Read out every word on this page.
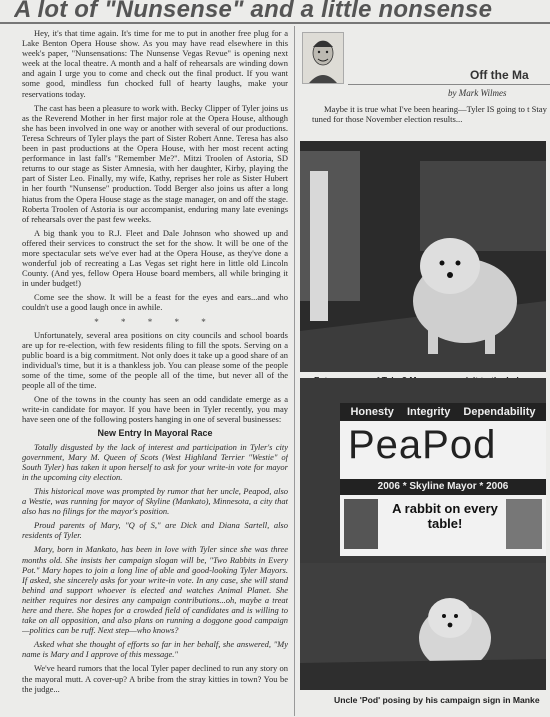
A lot of "Nunsense" and a little nonsense

Hey, it's that time again. It's time for me to put in another free plug for a Lake Benton Opera House show. As you may have read elsewhere in this week's paper, "Nunsensations: The Nunsense Vegas Revue" is opening next week at the local theatre. A month and a half of rehearsals are winding down and again I urge you to come and check out the final product. If you want some good, mindless fun chocked full of hearty laughs, make your reservations today.

The cast has been a pleasure to work with. Becky Clipper of Tyler joins us as the Reverend Mother in her first major role at the Opera House, although she has been involved in one way or another with several of our productions. Teresa Schreurs of Tyler plays the part of Sister Robert Anne. Teresa has also been in past productions at the Opera House, with her most recent acting performance in last fall's "Remember Me?". Mitzi Troolen of Astoria, SD returns to our stage as Sister Amnesia, with her daughter, Kirby, playing the part of Sister Leo. Finally, my wife, Kathy, reprises her role as Sister Hubert in her fourth "Nunsense" production. Todd Berger also joins us after a long hiatus from the Opera House stage as the stage manager, on and off the stage. Roberta Troolen of Astoria is our accompanist, enduring many late evenings of rehearsals over the past few weeks.

A big thank you to R.J. Fleet and Dale Johnson who showed up and offered their services to construct the set for the show. It will be one of the more spectacular sets we've ever had at the Opera House, as they've done a wonderful job of recreating a Las Vegas set right here in little old Lincoln County. (And yes, fellow Opera House board members, all while bringing it in under budget!)

Come see the show. It will be a feast for the eyes and ears...and who couldn't use a good laugh once in awhile.

* * * * *

Unfortunately, several area positions on city councils and school boards are up for re-election, with few residents filing to fill the spots. Serving on a public board is a big commitment. Not only does it take up a good share of an individual's time, but it is a thankless job. You can please some of the people some of the time, some of the people all of the time, but never all of the people all of the time.

One of the towns in the county has seen an odd candidate emerge as a write-in candidate for mayor. If you have been in Tyler recently, you may have seen one of the following posters hanging in one of several businesses:

New Entry In Mayoral Race

Totally disgusted by the lack of interest and participation in Tyler's city government, Mary M. Queen of Scots (West Highland Terrier "Westie" of South Tyler) has taken it upon herself to ask for your write-in vote for mayor in the upcoming city election.

This historical move was prompted by rumor that her uncle, Peapod, also a Westie, was running for mayor of Skyline (Mankato), Minnesota, a city that also has no filings for the mayor's position.

Proud parents of Mary, "Q of S," are Dick and Diana Sartell, also residents of Tyler.

Mary, born in Mankato, has been in love with Tyler since she was three months old. She insists her campaign slogan will be, "Two Rabbits in Every Pot." Mary hopes to join a long line of able and good-looking Tyler Mayors. If asked, she sincerely asks for your write-in vote. In any case, she will stand behind and support whoever is elected and watches Animal Planet. She neither requires nor desires any campaign contributions...oh, maybe a treat here and there. She hopes for a crowded field of candidates and is willing to take on all opposition, and also plans on running a doggone good campaign—politics can be ruff. Next step—who knows?

Asked what she thought of efforts so far in her behalf, she answered, "My name is Mary and I approve of this message."

We've heard rumors that the local Tyler paper declined to run any story on the mayoral mutt. A cover-up? A bribe from the stray kitties in town? You be the judge...

Off the Ma
by Mark Wilmes

Maybe it is true what I've been hearing—Tyler IS going to t Stay tuned for those November election results...

Honesty Integrity Dependability
PeaPod
2006 * Skyline Mayor * 2006
A rabbit on every table!

Uncle 'Pod' posing by his campaign sign in Manke
